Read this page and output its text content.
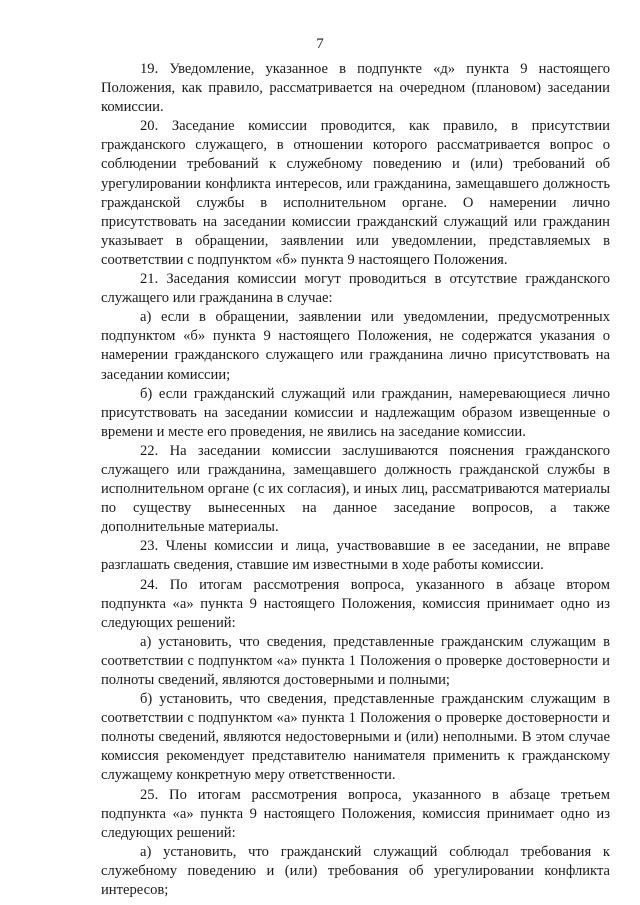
7

19. Уведомление, указанное в подпункте «д» пункта 9 настоящего Положения, как правило, рассматривается на очередном (плановом) заседании комиссии.

20. Заседание комиссии проводится, как правило, в присутствии гражданского служащего, в отношении которого рассматривается вопрос о соблюдении требований к служебному поведению и (или) требований об урегулировании конфликта интересов, или гражданина, замещавшего должность гражданской службы в исполнительном органе. О намерении лично присутствовать на заседании комиссии гражданский служащий или гражданин указывает в обращении, заявлении или уведомлении, представляемых в соответствии с подпунктом «б» пункта 9 настоящего Положения.

21. Заседания комиссии могут проводиться в отсутствие гражданского служащего или гражданина в случае:

а) если в обращении, заявлении или уведомлении, предусмотренных подпунктом «б» пункта 9 настоящего Положения, не содержатся указания о намерении гражданского служащего или гражданина лично присутствовать на заседании комиссии;

б) если гражданский служащий или гражданин, намеревающиеся лично присутствовать на заседании комиссии и надлежащим образом извещенные о времени и месте его проведения, не явились на заседание комиссии.

22. На заседании комиссии заслушиваются пояснения гражданского служащего или гражданина, замещавшего должность гражданской службы в исполнительном органе (с их согласия), и иных лиц, рассматриваются материалы по существу вынесенных на данное заседание вопросов, а также дополнительные материалы.

23. Члены комиссии и лица, участвовавшие в ее заседании, не вправе разглашать сведения, ставшие им известными в ходе работы комиссии.

24. По итогам рассмотрения вопроса, указанного в абзаце втором подпункта «а» пункта 9 настоящего Положения, комиссия принимает одно из следующих решений:

а) установить, что сведения, представленные гражданским служащим в соответствии с подпунктом «а» пункта 1 Положения о проверке достоверности и полноты сведений, являются достоверными и полными;

б) установить, что сведения, представленные гражданским служащим в соответствии с подпунктом «а» пункта 1 Положения о проверке достоверности и полноты сведений, являются недостоверными и (или) неполными. В этом случае комиссия рекомендует представителю нанимателя применить к гражданскому служащему конкретную меру ответственности.

25. По итогам рассмотрения вопроса, указанного в абзаце третьем подпункта «а» пункта 9 настоящего Положения, комиссия принимает одно из следующих решений:

а) установить, что гражданский служащий соблюдал требования к служебному поведению и (или) требования об урегулировании конфликта интересов;
